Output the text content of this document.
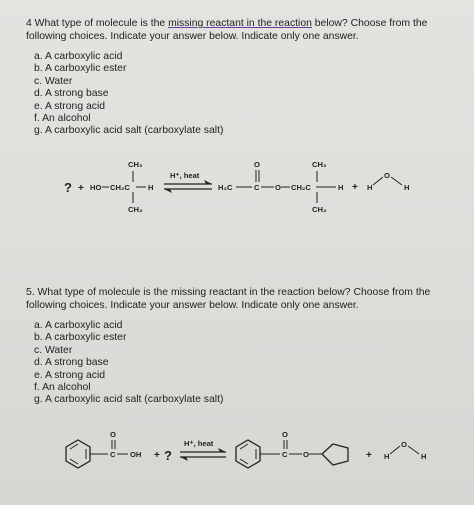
4 What type of molecule is the missing reactant in the reaction below? Choose from the following choices. Indicate your answer below. Indicate only one answer.

a. A carboxylic acid
b. A carboxylic ester
c. Water
d. A strong base
e. A strong acid
f. An alcohol
g. A carboxylic acid salt (carboxylate salt)

5. What type of molecule is the missing reactant in the reaction below? Choose from the following choices. Indicate your answer below. Indicate only one answer.

a. A carboxylic acid
b. A carboxylic ester
c. Water
d. A strong base
e. A strong acid
f. An alcohol
g. A carboxylic acid salt (carboxylate salt)
? + HO CH₂C H
CH₃
CH₃
H⁺, heat
H₃C	C
O
O CH₂C	H
CH₃
CH₃
+ H
O
H
C
O
OH + ?
H⁺, heat
C
O
O	+ H
O
H
